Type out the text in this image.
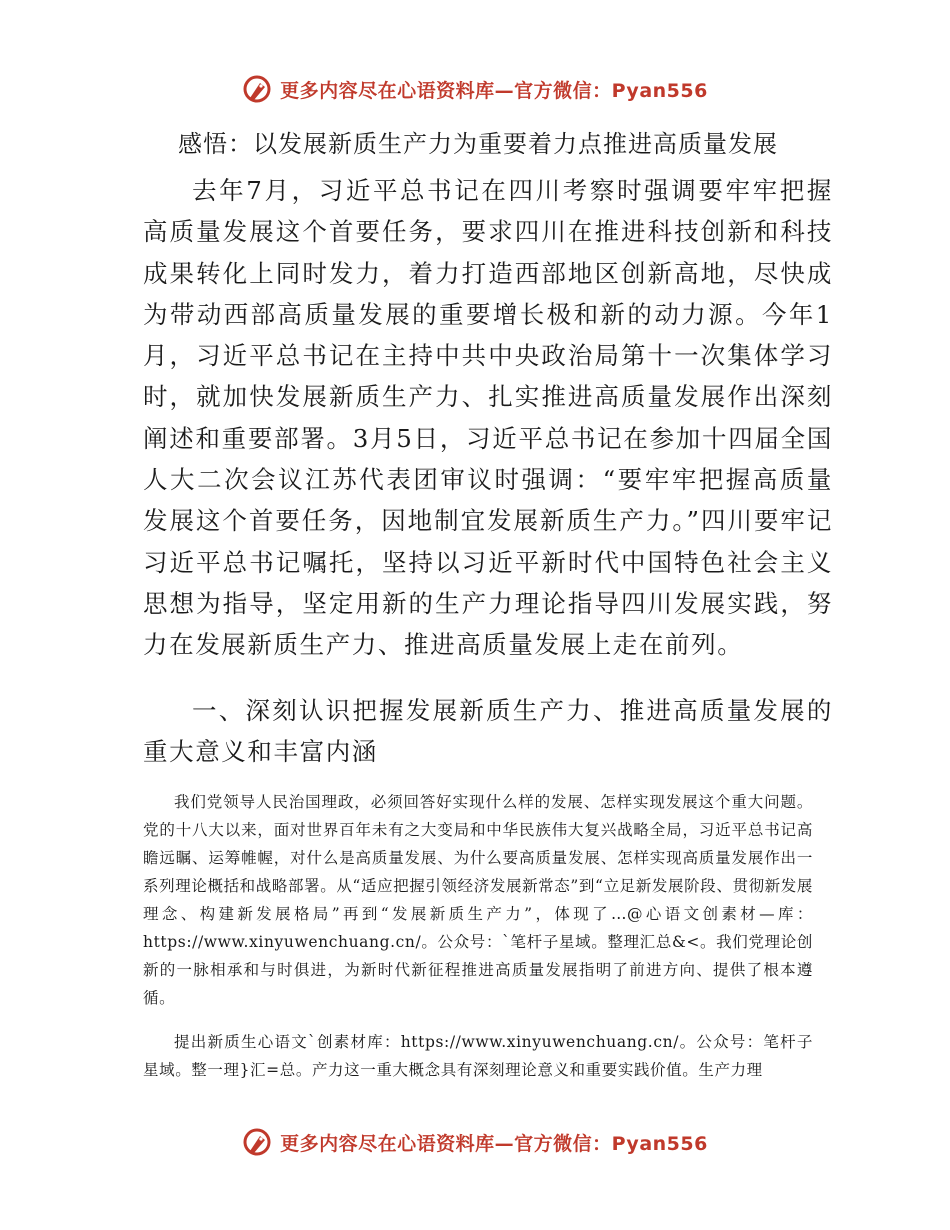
更多内容尽在心语资料库—官方微信：Pyan556
感悟：以发展新质生产力为重要着力点推进高质量发展

去年7月，习近平总书记在四川考察时强调要牢牢把握高质量发展这个首要任务，要求四川在推进科技创新和科技成果转化上同时发力，着力打造西部地区创新高地，尽快成为带动西部高质量发展的重要增长极和新的动力源。今年1月，习近平总书记在主持中共中央政治局第十一次集体学习时，就加快发展新质生产力、扎实推进高质量发展作出深刻阐述和重要部署。3月5日，习近平总书记在参加十四届全国人大二次会议江苏代表团审议时强调：“要牢牢把握高质量发展这个首要任务，因地制宜发展新质生产力。”四川要牢记习近平总书记嘱托，坚持以习近平新时代中国特色社会主义思想为指导，坚定用新的生产力理论指导四川发展实践，努力在发展新质生产力、推进高质量发展上走在前列。

一、深刻认识把握发展新质生产力、推进高质量发展的重大意义和丰富内涵

我们党领导人民治国理政，必须回答好实现什么样的发展、怎样实现发展这个重大问题。党的十八大以来，面对世界百年未有之大变局和中华民族伟大复兴战略全局，习近平总书记高瞻远瞩、运筹帷幄，对什么是高质量发展、为什么要高质量发展、怎样实现高质量发展作出一系列理论概括和战略部署。从“适应把握引领经济发展新常态”到“立足新发展阶段、贯彻新发展理念、构建新发展格局”再到“发展新质生产力”，体现了…@心语文创素材—库：https://www.xinyuwenchuang.cn/。公众号：`笔杆子星域。整理汇总&<。我们党理论创新的一脉相承和与时俱进，为新时代新征程推进高质量发展指明了前进方向、提供了根本遵循。

提出新质生心语文`创素材库：https://www.xinyuwenchuang.cn/。公众号：笔杆子星域。整一理}汇=总。产力这一重大概念具有深刻理论意义和重要实践价值。生产力理

更多内容尽在心语资料库—官方微信：Pyan556
